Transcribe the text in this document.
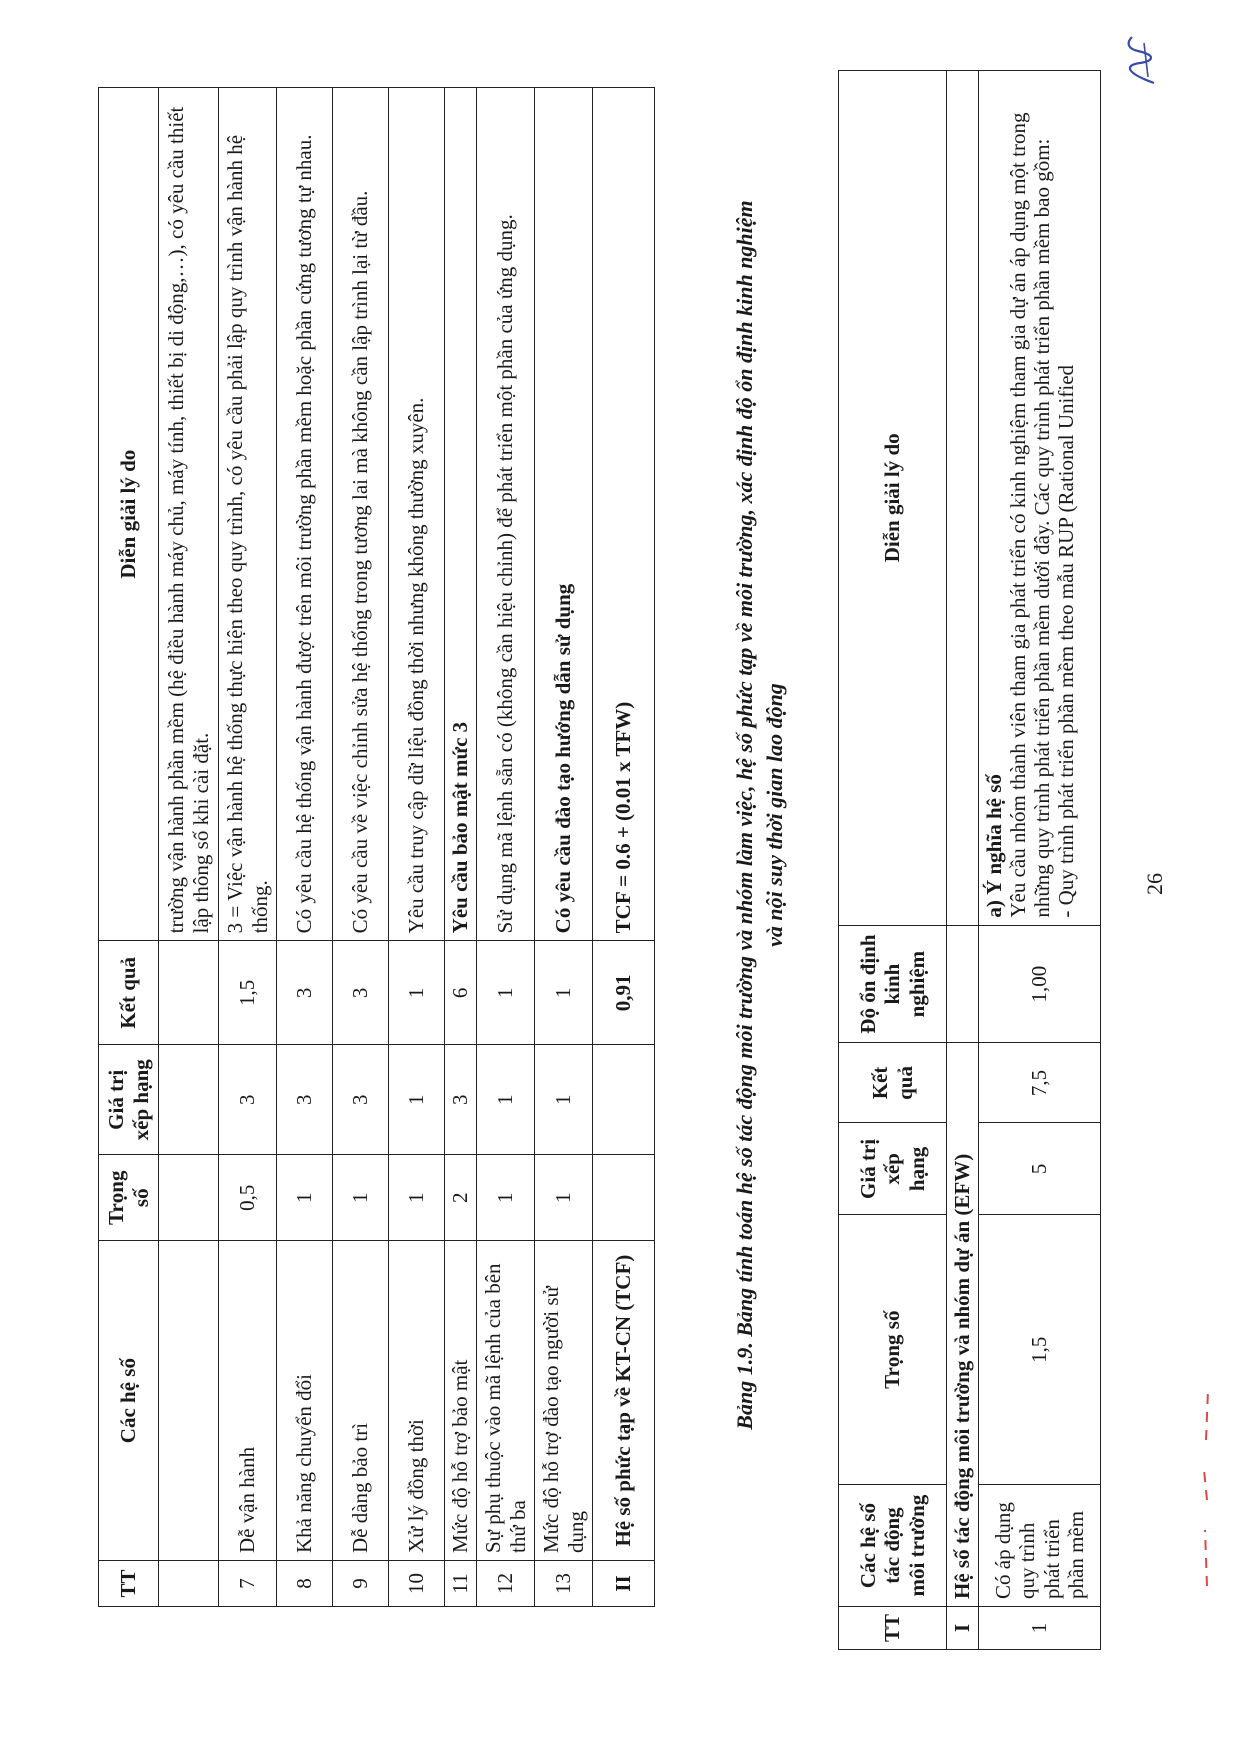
TT	Các hệ số	Trọng số	Giá trị xếp hạng	Kết quả	Diễn giải lý do
					trường vận hành phần mềm (hệ điều hành máy chủ, máy tính, thiết bị di động,…), có yêu cầu thiết lập thông số khi cài đặt.
7	Dễ vận hành	0,5	3	1,5	3 = Việc vận hành hệ thống thực hiện theo quy trình, có yêu cầu phải lập quy trình vận hành hệ thống.
8	Khả năng chuyển đổi	1	3	3	Có yêu cầu hệ thống vận hành được trên môi trường phần mềm hoặc phần cứng tương tự nhau.
9	Dễ dàng bảo trì	1	3	3	Có yêu cầu về việc chỉnh sửa hệ thống trong tương lai mà không cần lập trình lại từ đầu.
10	Xử lý đồng thời	1	1	1	Yêu cầu truy cập dữ liệu đồng thời nhưng không thường xuyên.
11	Mức độ hỗ trợ bảo mật	2	3	6	Yêu cầu bảo mật mức 3
12	Sự phụ thuộc vào mã lệnh của bên thứ ba	1	1	1	Sử dụng mã lệnh sẵn có (không cần hiệu chỉnh) để phát triển một phần của ứng dụng.
13	Mức độ hỗ trợ đào tạo người sử dụng	1	1	1	Có yêu cầu đào tạo hướng dẫn sử dụng
II	Hệ số phức tạp về KT-CN (TCF)			0,91	TCF = 0.6 + (0.01 x TFW)	Bảng 1.9. Bảng tính toán hệ số tác động môi trường và nhóm làm việc, hệ số phức tạp về môi trường, xác định độ ổn định kinh nghiệm và nội suy thời gian lao động
TT	Các hệ số tác động môi trường	Trọng số	Giá trị xếp hạng	Kết quả	Độ ổn định kinh nghiệm	Diễn giải lý do
I	Hệ số tác động môi trường và nhóm dự án (EFW)					
1	Có áp dụng quy trình phát triển phần mềm	1,5	5	7,5	1,00	a) Ý nghĩa hệ số Yêu cầu nhóm thành viên tham gia phát triển có kinh nghiệm tham gia dự án áp dụng một trong những quy trình phát triển phần mềm dưới đây. Các quy trình phát triển phần mềm bao gồm: - Quy trình phát triển phần mềm theo mẫu RUP (Rational Unified	26
